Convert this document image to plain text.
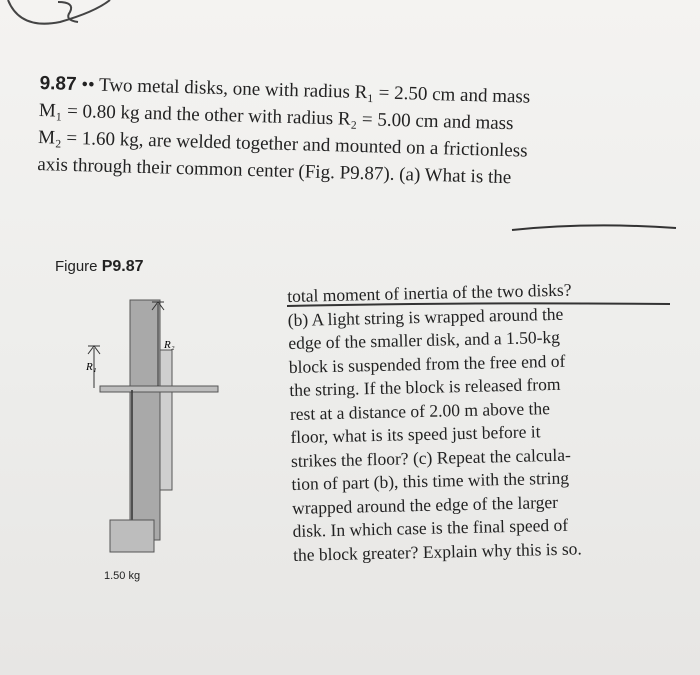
9.87 •• Two metal disks, one with radius R₁ = 2.50 cm and mass
M₁ = 0.80 kg and the other with radius R₂ = 5.00 cm and mass
M₂ = 1.60 kg, are welded together and mounted on a frictionless
axis through their common center (Fig. P9.87). (a) What is the
Figure P9.87
R₂
R₁
1.50 kg
total moment of inertia of the two disks?
(b) A light string is wrapped around the
edge of the smaller disk, and a 1.50-kg
block is suspended from the free end of
the string. If the block is released from
rest at a distance of 2.00 m above the
floor, what is its speed just before it
strikes the floor? (c) Repeat the calcula-
tion of part (b), this time with the string
wrapped around the edge of the larger
disk. In which case is the final speed of
the block greater? Explain why this is so.
